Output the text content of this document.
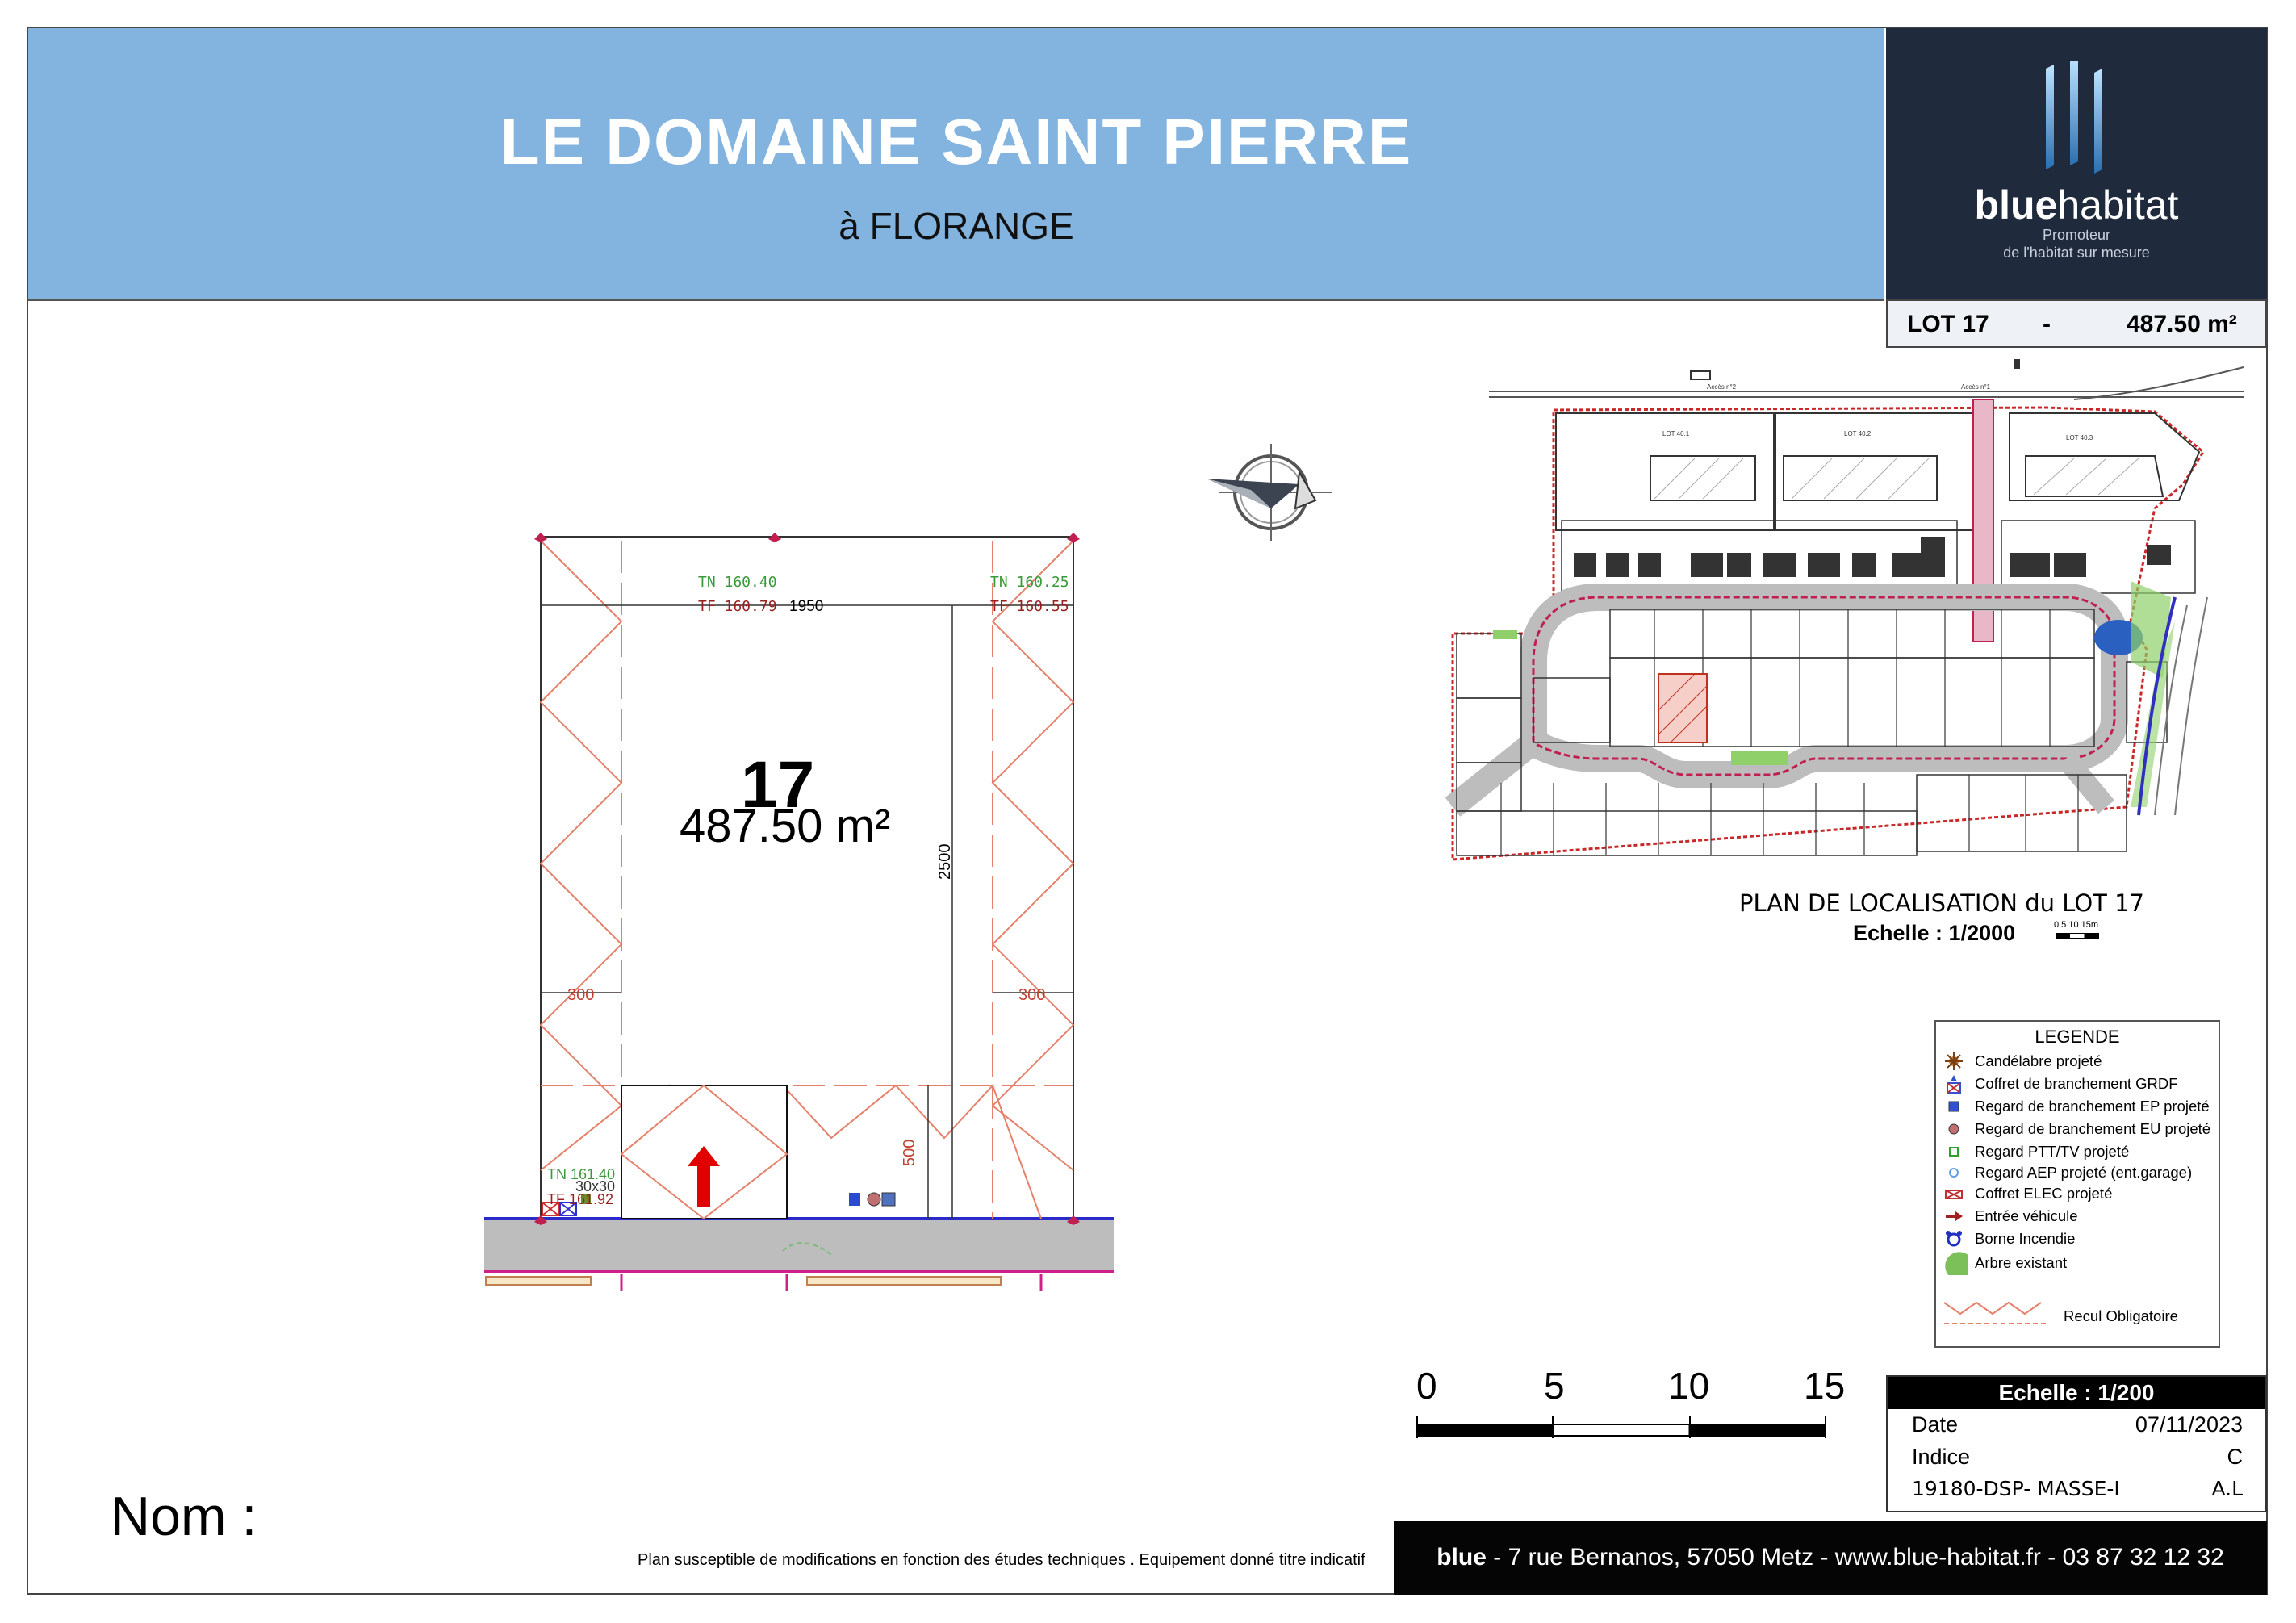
LE DOMAINE SAINT PIERRE
à FLORANGE	bluehabitat
Promoteur
de l'habitat sur mesure
LOT 17 -	487.50 m²
17
487.50 m²
TN 160.40
TF 160.79 1950
TN 160.25
TF 160.55
2500
300	300
500
TN 161.40
30x30
TF 161.92
LOT 40.1	LOT 40.2
LOT 40.3
Accès n°2	Accès n°1
PLAN DE LOCALISATION du LOT 17
Echelle : 1/2000	0 5 10 15m
LEGENDE
Candélabre projeté
Coffret de branchement GRDF
Regard de branchement EP projeté
Regard de branchement EU projeté
Regard PTT/TV projeté
Regard AEP projeté (ent.garage)
Coffret ELEC projeté
Entrée véhicule
Borne Incendie
Arbre existant
Recul Obligatoire
0	5	10	15	Echelle : 1/200
Date	07/11/2023
Indice	C
19180-DSP- MASSE-I	A.L
Nom :
Plan susceptible de modifications en fonction des études techniques . Equipement donné titre indicatif	blue - 7 rue Bernanos, 57050 Metz - www.blue-habitat.fr - 03 87 32 12 32
